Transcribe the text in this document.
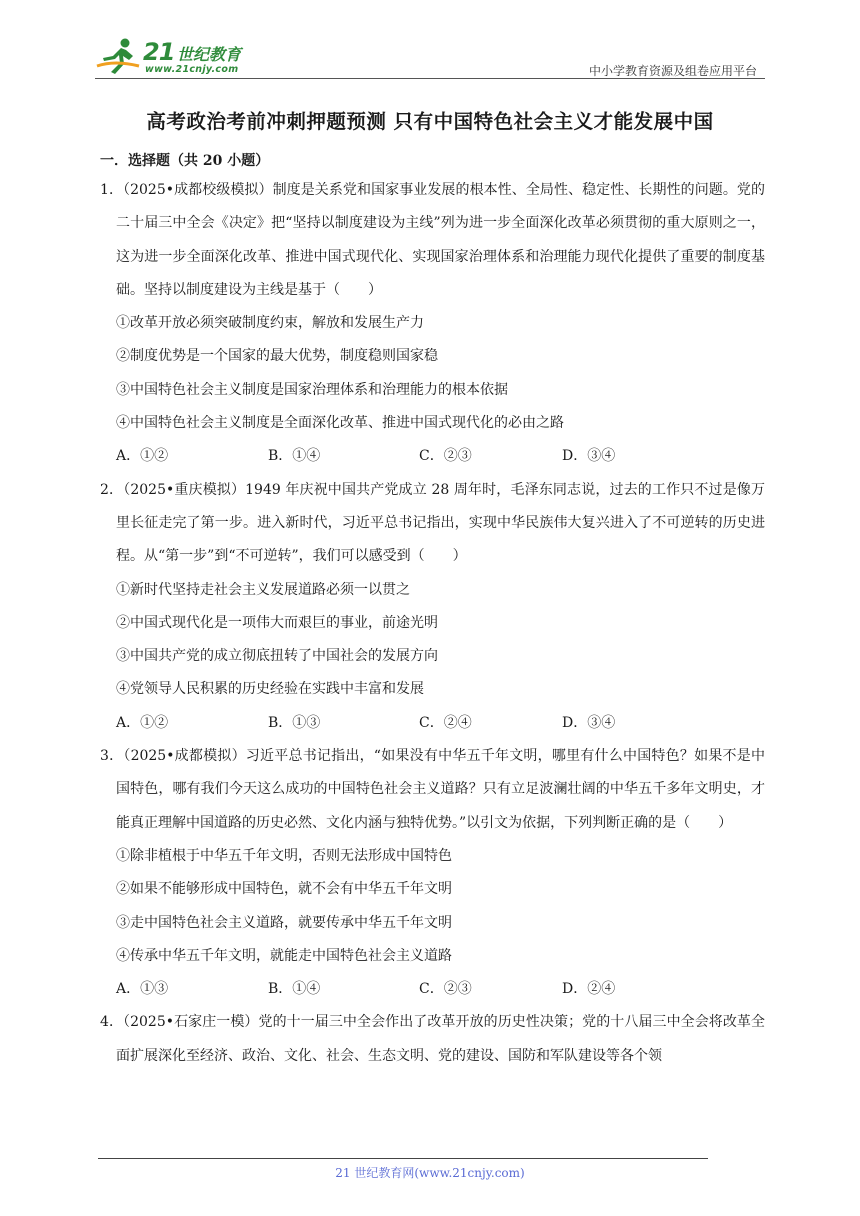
21 世纪教育
www.21cnjy.com	中小学教育资源及组卷应用平台
高考政治考前冲刺押题预测 只有中国特色社会主义才能发展中国
一．选择题（共 20 小题）
1．（2025•成都校级模拟）制度是关系党和国家事业发展的根本性、全局性、稳定性、长期性的问题。党的二十届三中全会《决定》把“坚持以制度建设为主线”列为进一步全面深化改革必须贯彻的重大原则之一，这为进一步全面深化改革、推进中国式现代化、实现国家治理体系和治理能力现代化提供了重要的制度基础。坚持以制度建设为主线是基于（　　）
①改革开放必须突破制度约束，解放和发展生产力
②制度优势是一个国家的最大优势，制度稳则国家稳
③中国特色社会主义制度是国家治理体系和治理能力的根本依据
④中国特色社会主义制度是全面深化改革、推进中国式现代化的必由之路
A．①②	B．①④	C．②③	D．③④
2．（2025•重庆模拟）1949 年庆祝中国共产党成立 28 周年时，毛泽东同志说，过去的工作只不过是像万里长征走完了第一步。进入新时代，习近平总书记指出，实现中华民族伟大复兴进入了不可逆转的历史进程。从“第一步”到“不可逆转”，我们可以感受到（　　）
①新时代坚持走社会主义发展道路必须一以贯之
②中国式现代化是一项伟大而艰巨的事业，前途光明
③中国共产党的成立彻底扭转了中国社会的发展方向
④党领导人民积累的历史经验在实践中丰富和发展
A．①②	B．①③	C．②④	D．③④
3．（2025•成都模拟）习近平总书记指出，“如果没有中华五千年文明，哪里有什么中国特色？如果不是中国特色，哪有我们今天这么成功的中国特色社会主义道路？只有立足波澜壮阔的中华五千多年文明史，才能真正理解中国道路的历史必然、文化内涵与独特优势。”以引文为依据，下列判断正确的是（　　）
①除非植根于中华五千年文明，否则无法形成中国特色
②如果不能够形成中国特色，就不会有中华五千年文明
③走中国特色社会主义道路，就要传承中华五千年文明
④传承中华五千年文明，就能走中国特色社会主义道路
A．①③	B．①④	C．②③	D．②④
4．（2025•石家庄一模）党的十一届三中全会作出了改革开放的历史性决策；党的十八届三中全会将改革全面扩展深化至经济、政治、文化、社会、生态文明、党的建设、国防和军队建设等各个领
21 世纪教育网(www.21cnjy.com)
